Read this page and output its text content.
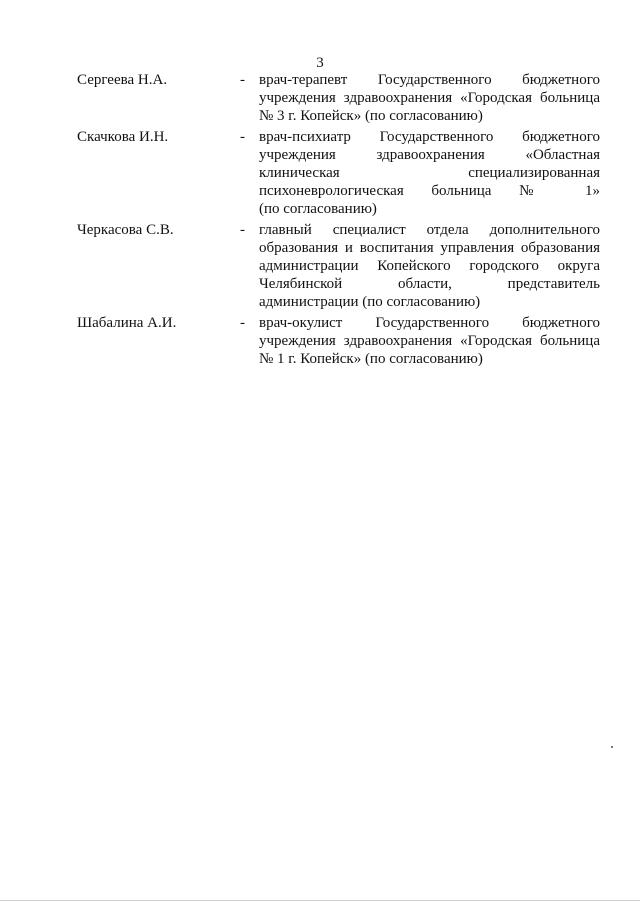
3
Сергеева Н.А.	- врач-терапевт Государственного бюджетного
учреждения здравоохранения «Городская больница
№ 3 г. Копейск» (по согласованию)
Скачкова И.Н.	- врач-психиатр Государственного бюджетного
учреждения здравоохранения «Областная
клиническая специализированная
психоневрологическая больница № 1»
(по согласованию)
Черкасова С.В.	- главный специалист отдела дополнительного
образования и воспитания управления образования
администрации Копейского городского округа
Челябинской области, представитель
администрации (по согласованию)
Шабалина А.И.	- врач-окулист Государственного бюджетного
учреждения здравоохранения «Городская больница
№ 1 г. Копейск» (по согласованию)
